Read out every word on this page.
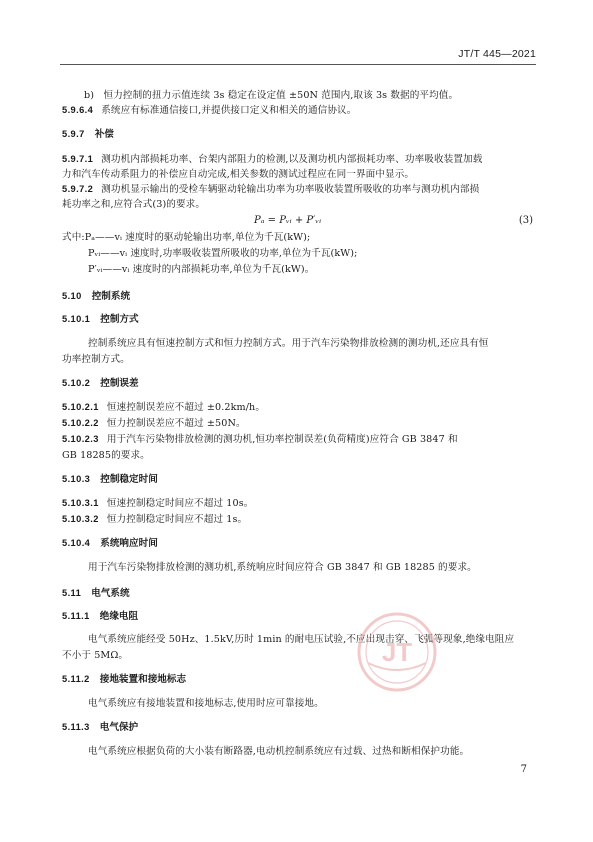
JT/T 445—2021

b)   恒力控制的扭力示值连续 3s 稳定在设定值 ±50N 范围内,取该 3s 数据的平均值。

5.9.6.4 系统应有标准通信接口,并提供接口定义和相关的通信协议。

5.9.7 补偿

5.9.7.1 测功机内部损耗功率、台架内部阻力的检测,以及测功机内部损耗功率、功率吸收装置加载

力和汽车传动系阻力的补偿应自动完成,相关参数的测试过程应在同一界面中显示。

5.9.7.2 测功机显示输出的受检车辆驱动轮输出功率为功率吸收装置所吸收的功率与测功机内部损

耗功率之和,应符合式(3)的要求。

Pₐ = Pᵥᵢ + P′ᵥᵢ	(3)

式中:Pₐ——vᵢ 速度时的驱动轮输出功率,单位为千瓦(kW);

Pᵥᵢ——vᵢ 速度时,功率吸收装置所吸收的功率,单位为千瓦(kW);

P′ᵥᵢ——vᵢ 速度时的内部损耗功率,单位为千瓦(kW)。

5.10 控制系统

5.10.1 控制方式

控制系统应具有恒速控制方式和恒力控制方式。用于汽车污染物排放检测的测功机,还应具有恒

功率控制方式。

5.10.2 控制误差

5.10.2.1 恒速控制误差应不超过 ±0.2km/h。

5.10.2.2 恒力控制误差应不超过 ±50N。

5.10.2.3 用于汽车污染物排放检测的测功机,恒功率控制误差(负荷精度)应符合 GB 3847 和

GB 18285的要求。

5.10.3 控制稳定时间

5.10.3.1 恒速控制稳定时间应不超过 10s。

5.10.3.2 恒力控制稳定时间应不超过 1s。

5.10.4 系统响应时间

用于汽车污染物排放检测的测功机,系统响应时间应符合 GB 3847 和 GB 18285 的要求。

5.11 电气系统

5.11.1 绝缘电阻

电气系统应能经受 50Hz、1.5kV,历时 1min 的耐电压试验,不应出现击穿、飞弧等现象,绝缘电阻应

不小于 5MΩ。

5.11.2 接地装置和接地标志

电气系统应有接地装置和接地标志,使用时应可靠接地。

5.11.3 电气保护

电气系统应根据负荷的大小装有断路器,电动机控制系统应有过载、过热和断相保护功能。

7
JT
